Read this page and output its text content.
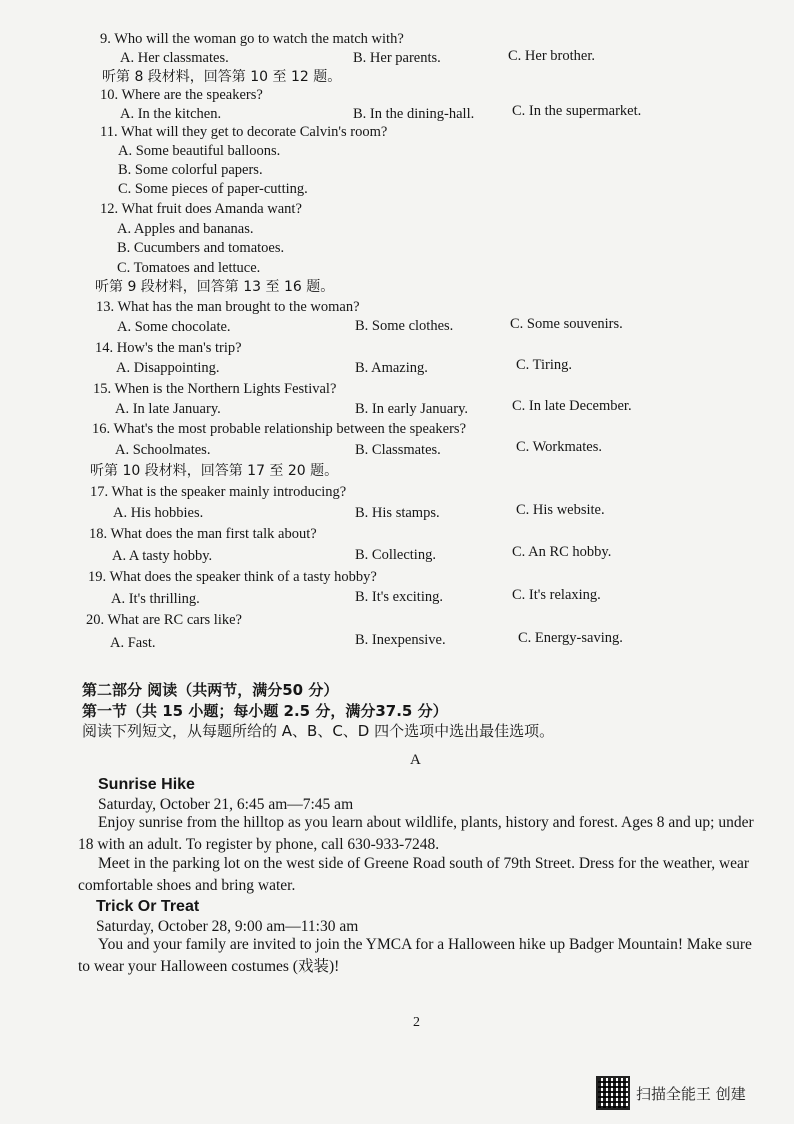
9. Who will the woman go to watch the match with?
A. Her classmates.	B. Her parents.	C. Her brother.
听第 8 段材料，回答第 10 至 12 题。
10. Where are the speakers?
A. In the kitchen.	B. In the dining-hall.	C. In the supermarket.
11. What will they get to decorate Calvin's room?
A. Some beautiful balloons.
B. Some colorful papers.
C. Some pieces of paper-cutting.
12. What fruit does Amanda want?
A. Apples and bananas.
B. Cucumbers and tomatoes.
C. Tomatoes and lettuce.
听第 9 段材料，回答第 13 至 16 题。
13. What has the man brought to the woman?
A. Some chocolate.	B. Some clothes.	C. Some souvenirs.
14. How's the man's trip?
A. Disappointing.	B. Amazing.	C. Tiring.
15. When is the Northern Lights Festival?
A. In late January.	B. In early January.	C. In late December.
16. What's the most probable relationship between the speakers?
A. Schoolmates.	B. Classmates.	C. Workmates.
听第 10 段材料，回答第 17 至 20 题。
17. What is the speaker mainly introducing?
A. His hobbies.	B. His stamps.	C. His website.
18. What does the man first talk about?
A. A tasty hobby.	B. Collecting.	C. An RC hobby.
19. What does the speaker think of a tasty hobby?
A. It's thrilling.	B. It's exciting.	C. It's relaxing.
20. What are RC cars like?
A. Fast.	B. Inexpensive.	C. Energy-saving.
第二部分 阅读（共两节，满分50 分）
第一节（共 15 小题；每小题 2.5 分，满分37.5 分）
阅读下列短文，从每题所给的 A、B、C、D 四个选项中选出最佳选项。
A
Sunrise Hike
Saturday, October 21, 6:45 am—7:45 am
Enjoy sunrise from the hilltop as you learn about wildlife, plants, history and forest. Ages 8 and up; under 18 with an adult. To register by phone, call 630-933-7248.
Meet in the parking lot on the west side of Greene Road south of 79th Street. Dress for the weather, wear comfortable shoes and bring water.
Trick Or Treat
Saturday, October 28, 9:00 am—11:30 am
You and your family are invited to join the YMCA for a Halloween hike up Badger Mountain! Make sure to wear your Halloween costumes (戏装)!
2
扫描全能王 创建
